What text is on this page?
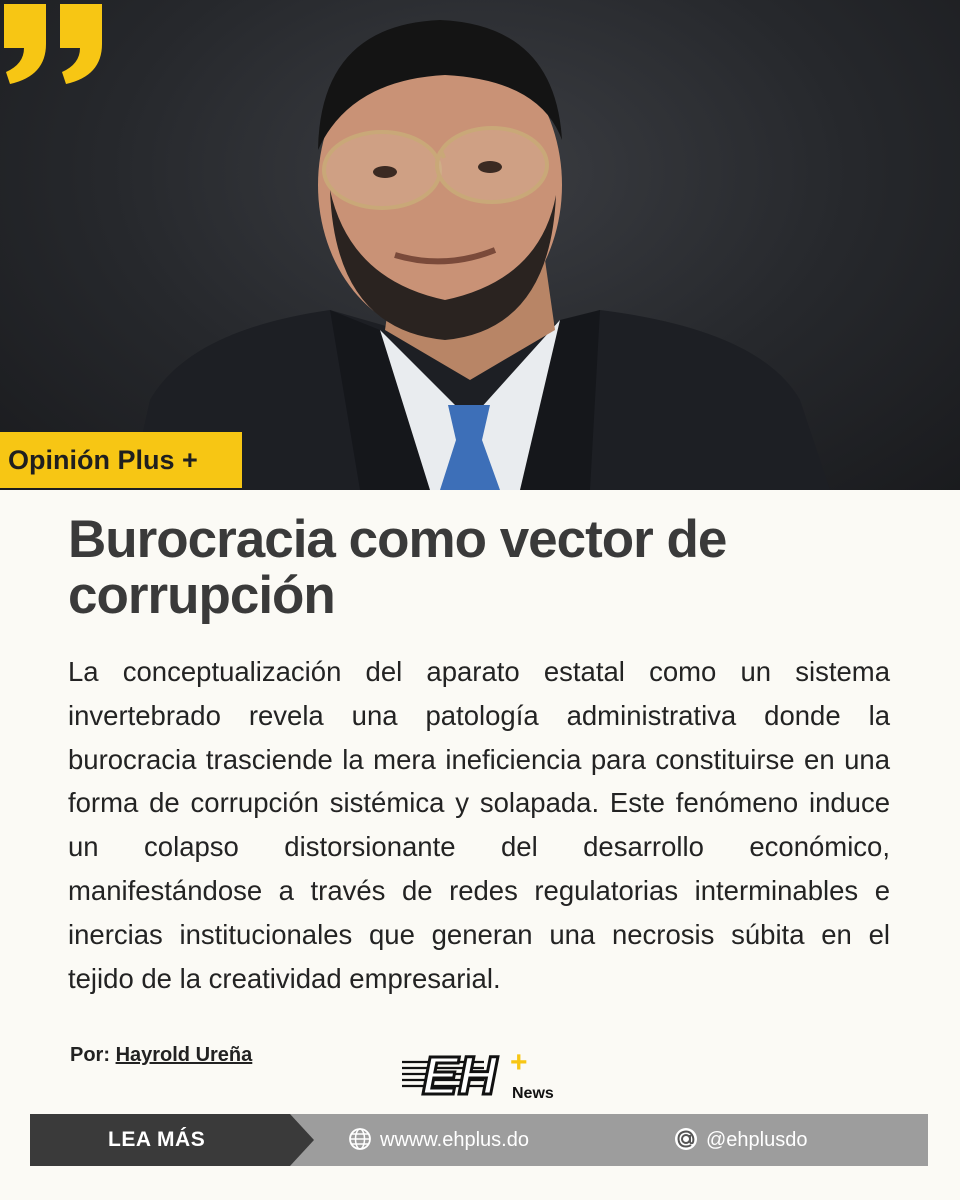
Opinión Plus +
Burocracia como vector de corrupción

La conceptualización del aparato estatal como un sistema invertebrado revela una patología administrativa donde la burocracia trasciende la mera ineficiencia para constituirse en una forma de corrupción sistémica y solapada. Este fenómeno induce un colapso distorsionante del desarrollo económico, manifestándose a través de redes regulatorias interminables e inercias institucionales que generan una necrosis súbita en el tejido de la creatividad empresarial.

Por: Hayrold Ureña	EH +
News
LEA MÁS	wwww.ehplus.do	@ehplusdo
